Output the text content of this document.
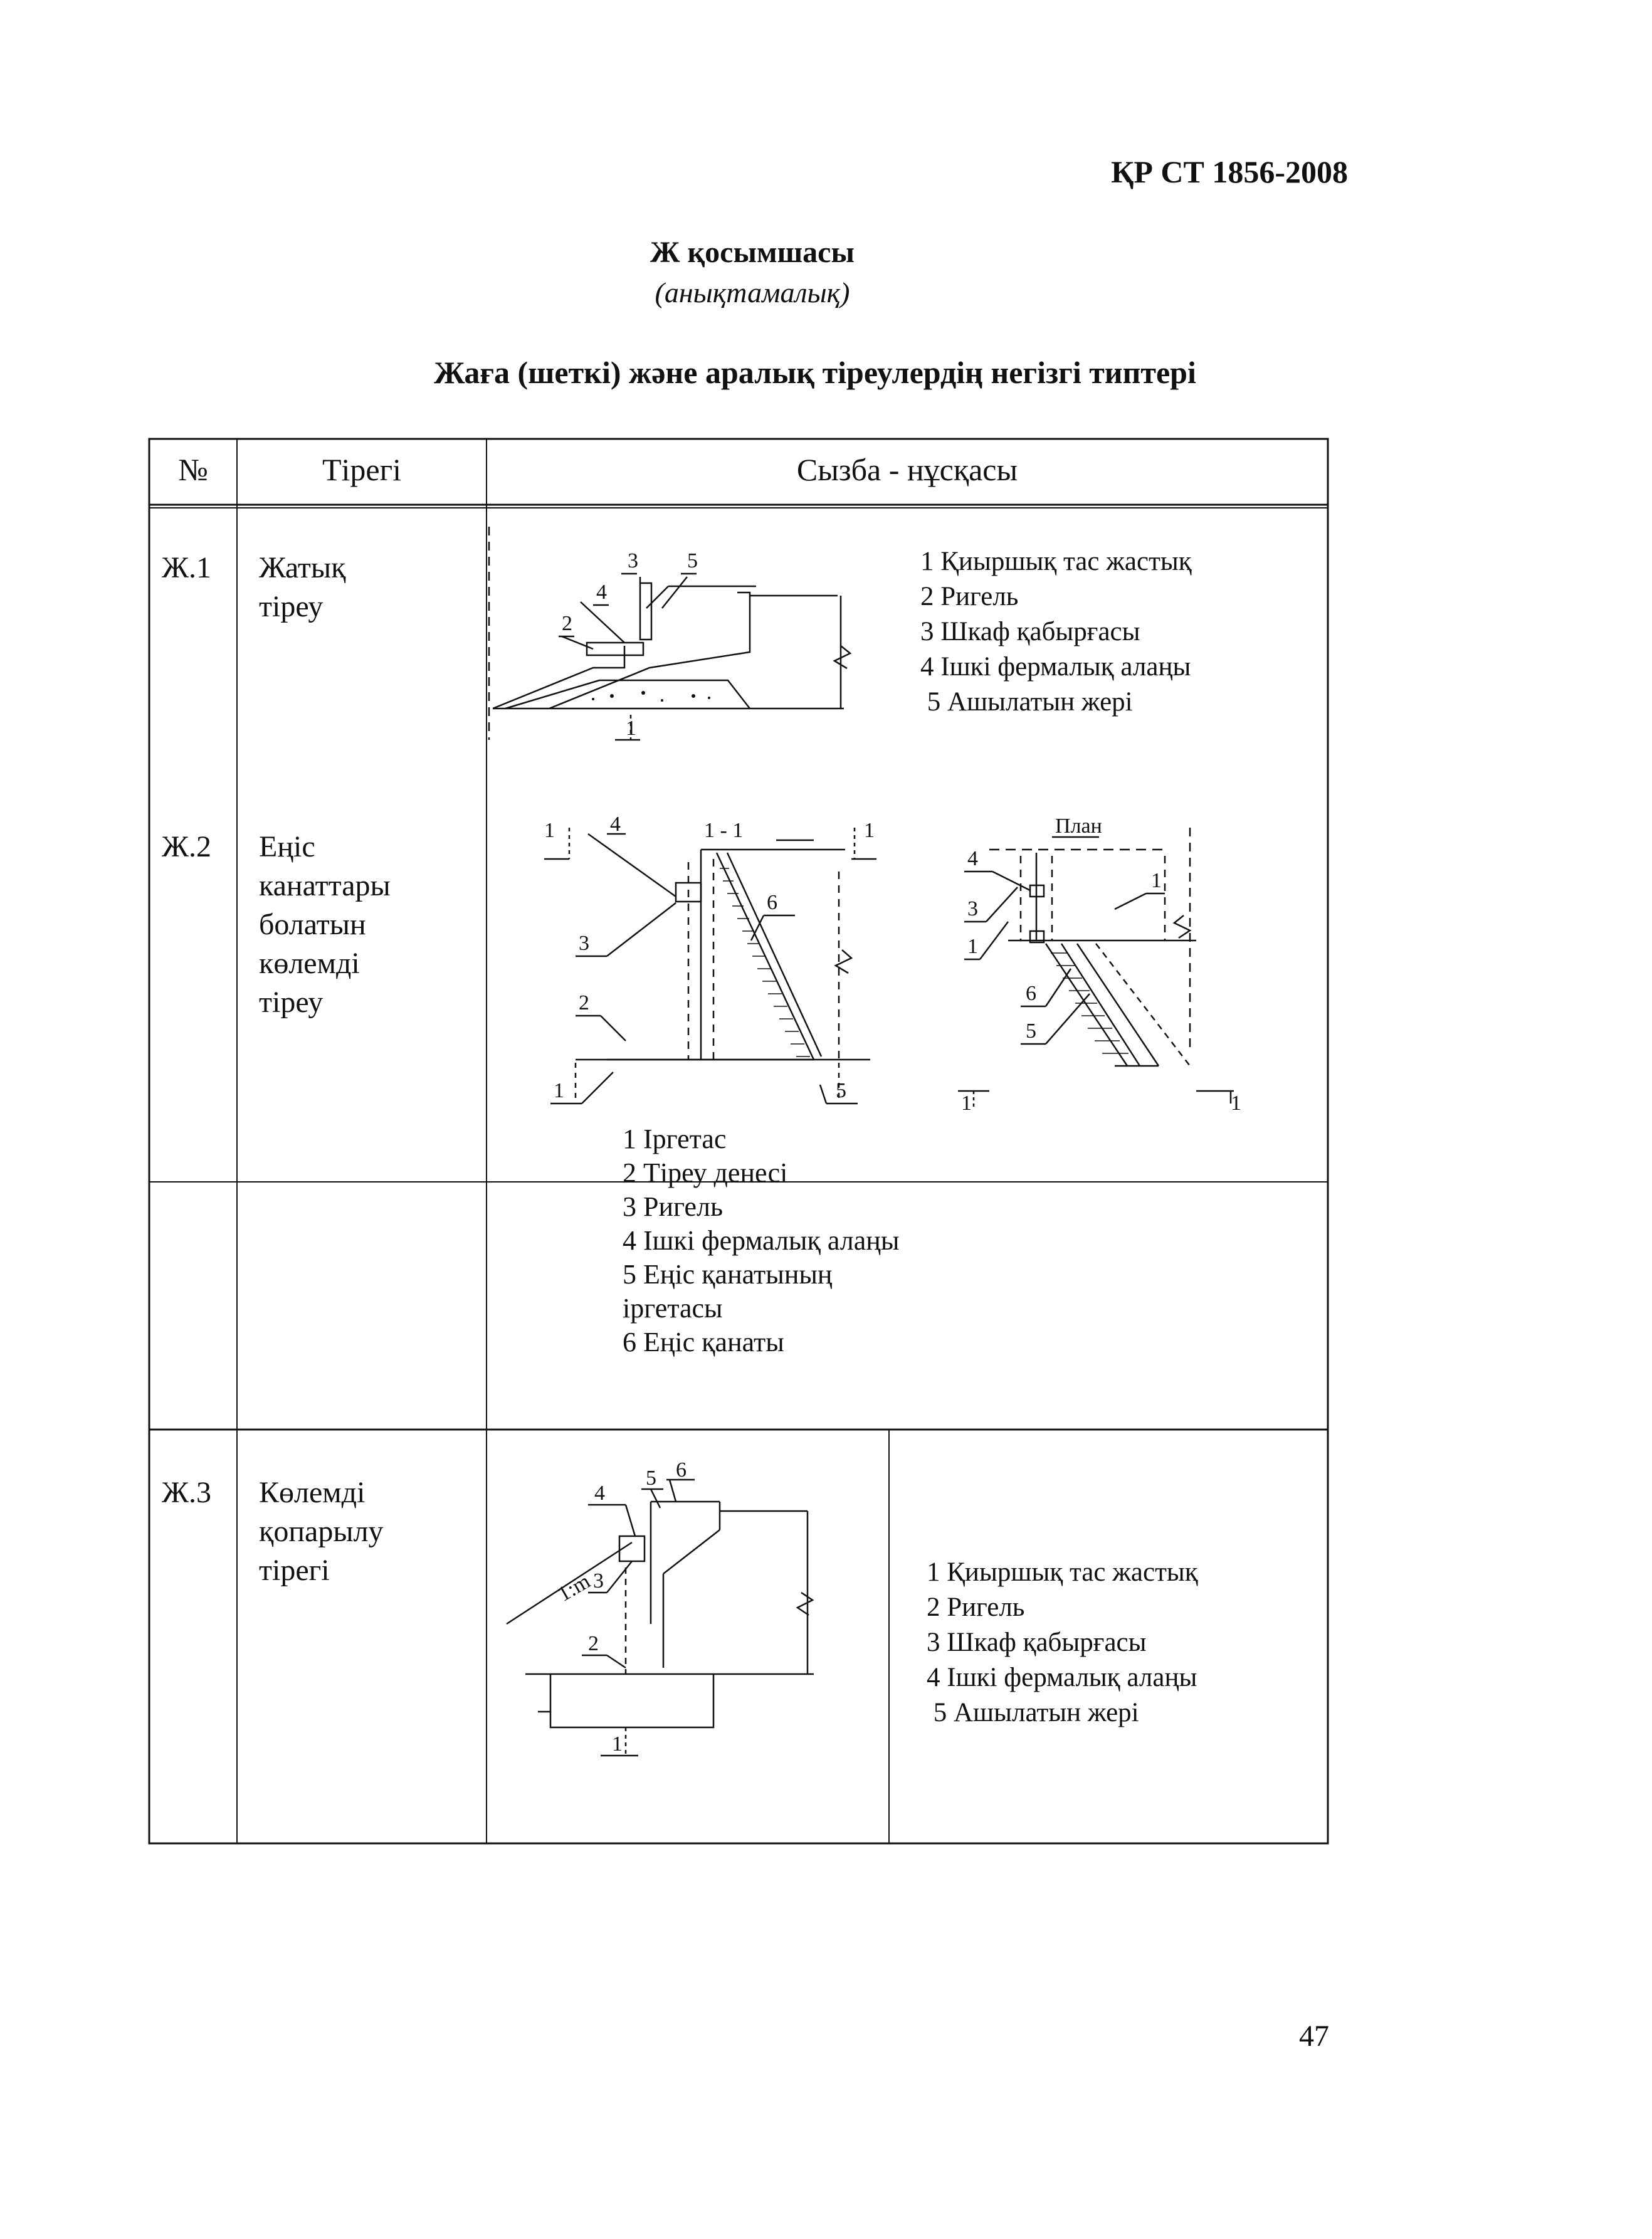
ҚР СТ 1856-2008
Ж қосымшасы
(анықтамалық)
Жаға (шеткі) және аралық тіреулердің негізгі типтері
№	Тірегі	Сызба - нұсқасы
Ж.1 Жатық тіреу
3 5
4
2
1
1 Қиыршық тас жастық
2 Ригель
3 Шкаф қабырғасы
4 Ішкі фермалық алаңы
5 Ашылатын жері
Ж.2 Еңіс канаттары
болатын
көлемді тіреу
1 - 1
1	1
4
6
3
2
1	5
План
4
3
1
1
6
5
1	1
1 Іргетас
2 Тіреу денесі
3 Ригель
4 Ішкі фермалық алаңы
5 Еңіс қанатының
іргетасы
6 Еңіс қанаты
Ж.3 Көлемді
қопарылу
тірегі
5 6
4
1:m
3
2
1
1 Қиыршық тас жастық
2 Ригель
3 Шкаф қабырғасы
4 Ішкі фермалық алаңы
5 Ашылатын жері
47
